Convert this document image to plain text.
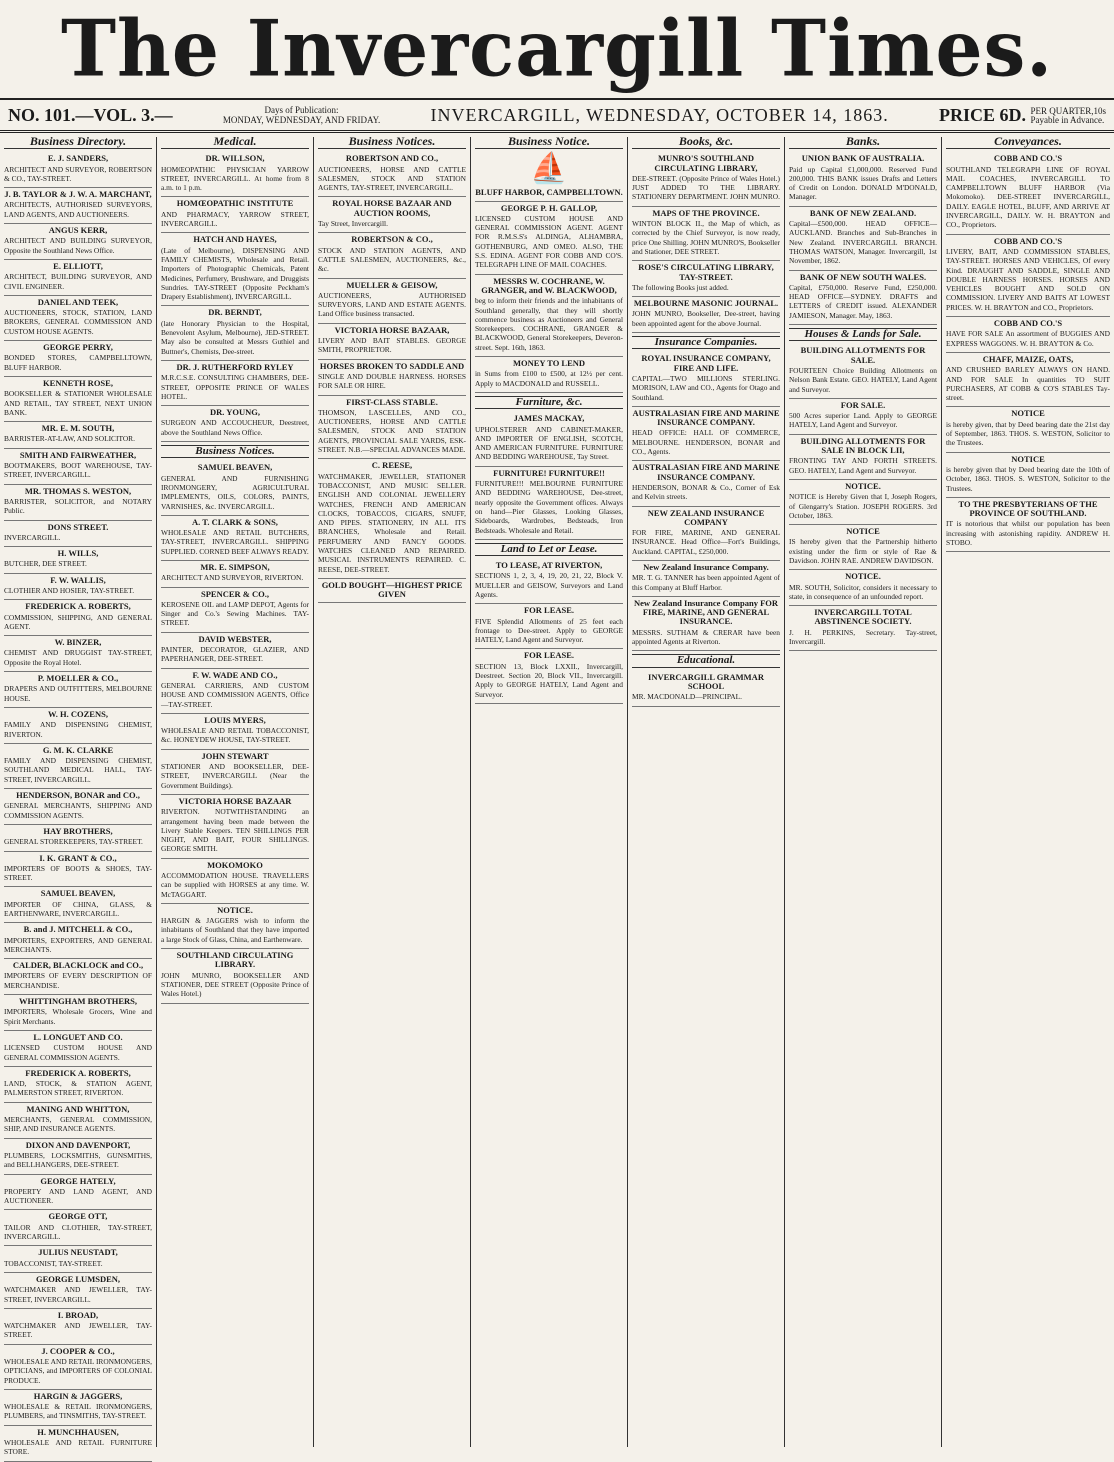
The Invercargill Times.
NO. 101.—VOL. 3.—	Days of Publication:
MONDAY, WEDNESDAY, AND FRIDAY.	INVERCARGILL, WEDNESDAY, OCTOBER 14, 1863.	PRICE 6D. PER QUARTER,10s
Payable in Advance.
Business Directory.
E. J. SANDERS,

ARCHITECT AND SURVEYOR, ROBERTSON & CO., TAY-STREET.

J. B. TAYLOR & J. W. A. MARCHANT,

ARCHITECTS, AUTHORISED SURVEYORS, LAND AGENTS, AND AUCTIONEERS.

ANGUS KERR,

ARCHITECT AND BUILDING SURVEYOR, Opposite the Southland News Office.

E. ELLIOTT,

ARCHITECT, BUILDING SURVEYOR, AND CIVIL ENGINEER.

DANIEL AND TEEK,

AUCTIONEERS, STOCK, STATION, LAND BROKERS, GENERAL COMMISSION AND CUSTOM HOUSE AGENTS.

GEORGE PERRY,

BONDED STORES, CAMPBELLTOWN, BLUFF HARBOR.

KENNETH ROSE,

BOOKSELLER & STATIONER WHOLESALE AND RETAIL, TAY STREET, NEXT UNION BANK.

MR. E. M. SOUTH,

BARRISTER-AT-LAW, AND SOLICITOR.

SMITH AND FAIRWEATHER,

BOOTMAKERS, BOOT WAREHOUSE, TAY-STREET, INVERCARGILL.

MR. THOMAS S. WESTON,

BARRISTER, SOLICITOR, and NOTARY Public.

DONS STREET.

INVERCARGILL.

H. WILLS,

BUTCHER, DEE STREET.

F. W. WALLIS,

CLOTHIER AND HOSIER, TAY-STREET.

FREDERICK A. ROBERTS,

COMMISSION, SHIPPING, AND GENERAL AGENT.

W. BINZER,

CHEMIST AND DRUGGIST TAY-STREET, Opposite the Royal Hotel.

P. MOELLER & CO.,

DRAPERS AND OUTFITTERS, MELBOURNE HOUSE.

W. H. COZENS,

FAMILY AND DISPENSING CHEMIST, RIVERTON.

G. M. K. CLARKE

FAMILY AND DISPENSING CHEMIST, SOUTHLAND MEDICAL HALL, TAY-STREET, INVERCARGILL.

HENDERSON, BONAR and CO.,

GENERAL MERCHANTS, SHIPPING AND COMMISSION AGENTS.

HAY BROTHERS,

GENERAL STOREKEEPERS, TAY-STREET.

I. K. GRANT & CO.,

IMPORTERS OF BOOTS & SHOES, TAY-STREET.

SAMUEL BEAVEN,

IMPORTER OF CHINA, GLASS, & EARTHENWARE, INVERCARGILL.

B. and J. MITCHELL & CO.,

IMPORTERS, EXPORTERS, AND GENERAL MERCHANTS.

CALDER, BLACKLOCK and CO.,

IMPORTERS OF EVERY DESCRIPTION OF MERCHANDISE.

WHITTINGHAM BROTHERS,

IMPORTERS, Wholesale Grocers, Wine and Spirit Merchants.

L. LONGUET AND CO.

LICENSED CUSTOM HOUSE AND GENERAL COMMISSION AGENTS.

FREDERICK A. ROBERTS,

LAND, STOCK, & STATION AGENT, PALMERSTON STREET, RIVERTON.

MANING AND WHITTON,

MERCHANTS, GENERAL COMMISSION, SHIP, AND INSURANCE AGENTS.

DIXON AND DAVENPORT,

PLUMBERS, LOCKSMITHS, GUNSMITHS, and BELLHANGERS, DEE-STREET.

GEORGE HATELY,

PROPERTY AND LAND AGENT, AND AUCTIONEER.

GEORGE OTT,

TAILOR AND CLOTHIER, TAY-STREET, INVERCARGILL.

JULIUS NEUSTADT,

TOBACCONIST, TAY-STREET.

GEORGE LUMSDEN,

WATCHMAKER AND JEWELLER, TAY-STREET, INVERCARGILL.

I. BROAD,

WATCHMAKER AND JEWELLER, TAY-STREET.

J. COOPER & CO.,

WHOLESALE AND RETAIL IRONMONGERS, OPTICIANS, and IMPORTERS OF COLONIAL PRODUCE.

HARGIN & JAGGERS,

WHOLESALE & RETAIL IRONMONGERS, PLUMBERS, and TINSMITHS, TAY-STREET.

H. MUNCHHAUSEN,

WHOLESALE AND RETAIL FURNITURE STORE.

Medical.
DR. WILLSON,

HOMŒOPATHIC PHYSICIAN YARROW STREET, INVERCARGILL. At home from 8 a.m. to 1 p.m.

HOMŒOPATHIC INSTITUTE

AND PHARMACY, YARROW STREET, INVERCARGILL.

HATCH AND HAYES,

(Late of Melbourne), DISPENSING AND FAMILY CHEMISTS, Wholesale and Retail. Importers of Photographic Chemicals, Patent Medicines, Perfumery, Brushware, and Druggists Sundries. TAY-STREET (Opposite Peckham's Drapery Establishment), INVERCARGILL.

DR. BERNDT,

(late Honorary Physician to the Hospital, Benevolent Asylum, Melbourne), JED-STREET. May also be consulted at Messrs Guthiel and Buttner's, Chemists, Dee-street.

DR. J. RUTHERFORD RYLEY

M.R.C.S.E. CONSULTING CHAMBERS, DEE-STREET, OPPOSITE PRINCE OF WALES HOTEL.

DR. YOUNG,

SURGEON AND ACCOUCHEUR, Deestreet, above the Southland News Office.

Business Notices.
SAMUEL BEAVEN,

GENERAL AND FURNISHING IRONMONGERY, AGRICULTURAL IMPLEMENTS, OILS, COLORS, PAINTS, VARNISHES, &c. INVERCARGILL.

A. T. CLARK & SONS,

WHOLESALE AND RETAIL BUTCHERS, TAY-STREET, INVERCARGILL. SHIPPING SUPPLIED. CORNED BEEF ALWAYS READY.

MR. E. SIMPSON,

ARCHITECT AND SURVEYOR, RIVERTON.

SPENCER & CO.,

KEROSENE OIL and LAMP DEPOT, Agents for Singer and Co.'s Sewing Machines. TAY-STREET.

DAVID WEBSTER,

PAINTER, DECORATOR, GLAZIER, AND PAPERHANGER, DEE-STREET.

F. W. WADE AND CO.,

GENERAL CARRIERS, AND CUSTOM HOUSE AND COMMISSION AGENTS, Office—TAY-STREET.

LOUIS MYERS,

WHOLESALE AND RETAIL TOBACCONIST, &c. HONEYDEW HOUSE, TAY-STREET.

JOHN STEWART

STATIONER AND BOOKSELLER, DEE-STREET, INVERCARGILL (Near the Government Buildings).

VICTORIA HORSE BAZAAR

RIVERTON. NOTWITHSTANDING an arrangement having been made between the Livery Stable Keepers. TEN SHILLINGS PER NIGHT, AND BAIT, FOUR SHILLINGS. GEORGE SMITH.

MOKOMOKO

ACCOMMODATION HOUSE. TRAVELLERS can be supplied with HORSES at any time. W. McTAGGART.

NOTICE.

HARGIN & JAGGERS wish to inform the inhabitants of Southland that they have imported a large Stock of Glass, China, and Earthenware.

SOUTHLAND CIRCULATING LIBRARY.

JOHN MUNRO, BOOKSELLER AND STATIONER, DEE STREET (Opposite Prince of Wales Hotel.)

Business Notices.
ROBERTSON AND CO.,

AUCTIONEERS, HORSE AND CATTLE SALESMEN, STOCK AND STATION AGENTS, TAY-STREET, INVERCARGILL.

ROYAL HORSE BAZAAR AND AUCTION ROOMS,

Tay Street, Invercargill.

ROBERTSON & CO.,

STOCK AND STATION AGENTS, AND CATTLE SALESMEN, AUCTIONEERS, &c., &c.

MUELLER & GEISOW,

AUCTIONEERS, AUTHORISED SURVEYORS, LAND AND ESTATE AGENTS. Land Office business transacted.

VICTORIA HORSE BAZAAR,

LIVERY AND BAIT STABLES. GEORGE SMITH, PROPRIETOR.

HORSES BROKEN TO SADDLE AND

SINGLE AND DOUBLE HARNESS. HORSES FOR SALE OR HIRE.

FIRST-CLASS STABLE.

THOMSON, LASCELLES, AND CO., AUCTIONEERS, HORSE AND CATTLE SALESMEN, STOCK AND STATION AGENTS, PROVINCIAL SALE YARDS, ESK-STREET. N.B.—SPECIAL ADVANCES MADE.

C. REESE,

WATCHMAKER, JEWELLER, STATIONER TOBACCONIST, AND MUSIC SELLER. ENGLISH AND COLONIAL JEWELLERY WATCHES, FRENCH AND AMERICAN CLOCKS, TOBACCOS, CIGARS, SNUFF, AND PIPES. STATIONERY, IN ALL ITS BRANCHES, Wholesale and Retail. PERFUMERY AND FANCY GOODS. WATCHES CLEANED AND REPAIRED. MUSICAL INSTRUMENTS REPAIRED. C. REESE, DEE-STREET.

GOLD BOUGHT—HIGHEST PRICE GIVEN
Business Notice.
⛵
BLUFF HARBOR, CAMPBELLTOWN.
GEORGE P. H. GALLOP,

LICENSED CUSTOM HOUSE AND GENERAL COMMISSION AGENT. AGENT FOR R.M.S.S's ALDINGA, ALHAMBRA, GOTHENBURG, AND OMEO. ALSO, THE S.S. EDINA. AGENT FOR COBB AND CO'S. TELEGRAPH LINE OF MAIL COACHES.

MESSRS W. COCHRANE, W. GRANGER, and W. BLACKWOOD,

beg to inform their friends and the inhabitants of Southland generally, that they will shortly commence business as Auctioneers and General Storekeepers. COCHRANE, GRANGER & BLACKWOOD, General Storekeepers, Deveron-street. Sept. 16th, 1863.

MONEY TO LEND

in Sums from £100 to £500, at 12½ per cent. Apply to MACDONALD and RUSSELL.

Furniture, &c.
JAMES MACKAY,

UPHOLSTERER AND CABINET-MAKER, AND IMPORTER OF ENGLISH, SCOTCH, AND AMERICAN FURNITURE. FURNITURE AND BEDDING WAREHOUSE, Tay Street.

FURNITURE! FURNITURE!!

FURNITURE!!! MELBOURNE FURNITURE AND BEDDING WAREHOUSE, Dee-street, nearly opposite the Government offices. Always on hand—Pier Glasses, Looking Glasses, Sideboards, Wardrobes, Bedsteads, Iron Bedsteads. Wholesale and Retail.

Land to Let or Lease.
TO LEASE, AT RIVERTON,

SECTIONS 1, 2, 3, 4, 19, 20, 21, 22, Block V. MUELLER and GEISOW, Surveyors and Land Agents.

FOR LEASE.

FIVE Splendid Allotments of 25 feet each frontage to Dee-street. Apply to GEORGE HATELY, Land Agent and Surveyor.

FOR LEASE.

SECTION 13, Block LXXII., Invercargill, Deestreet. Section 20, Block VII., Invercargill. Apply to GEORGE HATELY, Land Agent and Surveyor.

Books, &c.
MUNRO'S SOUTHLAND CIRCULATING LIBRARY,

DEE-STREET. (Opposite Prince of Wales Hotel.) JUST ADDED TO THE LIBRARY. STATIONERY DEPARTMENT. JOHN MUNRO.

MAPS OF THE PROVINCE.

WINTON BLOCK II., the Map of which, as corrected by the Chief Surveyor, is now ready, price One Shilling. JOHN MUNRO'S, Bookseller and Stationer, DEE STREET.

ROSE'S CIRCULATING LIBRARY, TAY-STREET.

The following Books just added.

MELBOURNE MASONIC JOURNAL.

JOHN MUNRO, Bookseller, Dee-street, having been appointed agent for the above Journal.

Insurance Companies.
ROYAL INSURANCE COMPANY, FIRE AND LIFE.

CAPITAL—TWO MILLIONS STERLING. MORISON, LAW and CO., Agents for Otago and Southland.

AUSTRALASIAN FIRE AND MARINE INSURANCE COMPANY.

HEAD OFFICE: HALL OF COMMERCE, MELBOURNE. HENDERSON, BONAR and CO., Agents.

AUSTRALASIAN FIRE AND MARINE INSURANCE COMPANY.

HENDERSON, BONAR & Co., Corner of Esk and Kelvin streets.

NEW ZEALAND INSURANCE COMPANY

FOR FIRE, MARINE, AND GENERAL INSURANCE. Head Office—Fort's Buildings, Auckland. CAPITAL, £250,000.

New Zealand Insurance Company.

MR. T. G. TANNER has been appointed Agent of this Company at Bluff Harbor.

New Zealand Insurance Company FOR FIRE, MARINE, AND GENERAL INSURANCE.

MESSRS. SUTHAM & CRERAR have been appointed Agents at Riverton.

Educational.
INVERCARGILL GRAMMAR SCHOOL

MR. MACDONALD—PRINCIPAL.

Banks.
UNION BANK OF AUSTRALIA.

Paid up Capital £1,000,000. Reserved Fund 200,000. THIS BANK issues Drafts and Letters of Credit on London. DONALD M'DONALD, Manager.

BANK OF NEW ZEALAND.

Capital—£500,000. HEAD OFFICE—AUCKLAND. Branches and Sub-Branches in New Zealand. INVERCARGILL BRANCH. THOMAS WATSON, Manager. Invercargill, 1st November, 1862.

BANK OF NEW SOUTH WALES.

Capital, £750,000. Reserve Fund, £250,000. HEAD OFFICE—SYDNEY. DRAFTS and LETTERS of CREDIT issued. ALEXANDER JAMIESON, Manager. May, 1863.

Houses & Lands for Sale.
BUILDING ALLOTMENTS FOR SALE.

FOURTEEN Choice Building Allotments on Nelson Bank Estate. GEO. HATELY, Land Agent and Surveyor.

FOR SALE.

500 Acres superior Land. Apply to GEORGE HATELY, Land Agent and Surveyor.

BUILDING ALLOTMENTS FOR SALE IN BLOCK LII,

FRONTING TAY AND FORTH STREETS. GEO. HATELY, Land Agent and Surveyor.

NOTICE.

NOTICE is Hereby Given that I, Joseph Rogers, of Glengarry's Station. JOSEPH ROGERS. 3rd October, 1863.

NOTICE

IS hereby given that the Partnership hitherto existing under the firm or style of Rae & Davidson. JOHN RAE. ANDREW DAVIDSON.

NOTICE.

MR. SOUTH, Solicitor, considers it necessary to state, in consequence of an unfounded report.

INVERCARGILL TOTAL ABSTINENCE SOCIETY.

J. H. PERKINS, Secretary. Tay-street, Invercargill.

Conveyances.
COBB AND CO.'S

SOUTHLAND TELEGRAPH LINE OF ROYAL MAIL COACHES, INVERCARGILL TO CAMPBELLTOWN BLUFF HARBOR (Via Mokomoko). DEE-STREET INVERCARGILL, DAILY. EAGLE HOTEL, BLUFF, AND ARRIVE AT INVERCARGILL, DAILY. W. H. BRAYTON and CO., Proprietors.

COBB AND CO.'S

LIVERY, BAIT, AND COMMISSION STABLES, TAY-STREET. HORSES AND VEHICLES, Of every Kind. DRAUGHT AND SADDLE, SINGLE AND DOUBLE HARNESS HORSES. HORSES AND VEHICLES BOUGHT AND SOLD ON COMMISSION. LIVERY AND BAITS AT LOWEST PRICES. W. H. BRAYTON and CO., Proprietors.

COBB AND CO.'S

HAVE FOR SALE An assortment of BUGGIES AND EXPRESS WAGGONS. W. H. BRAYTON & Co.

CHAFF, MAIZE, OATS,

AND CRUSHED BARLEY ALWAYS ON HAND. AND FOR SALE In quantities TO SUIT PURCHASERS, AT COBB & CO'S STABLES Tay-street.

NOTICE

is hereby given, that by Deed bearing date the 21st day of September, 1863. THOS. S. WESTON, Solicitor to the Trustees.

NOTICE

is hereby given that by Deed bearing date the 10th of October, 1863. THOS. S. WESTON, Solicitor to the Trustees.

TO THE PRESBYTERIANS OF THE PROVINCE OF SOUTHLAND.

IT is notorious that whilst our population has been increasing with astonishing rapidity. ANDREW H. STOBO.
